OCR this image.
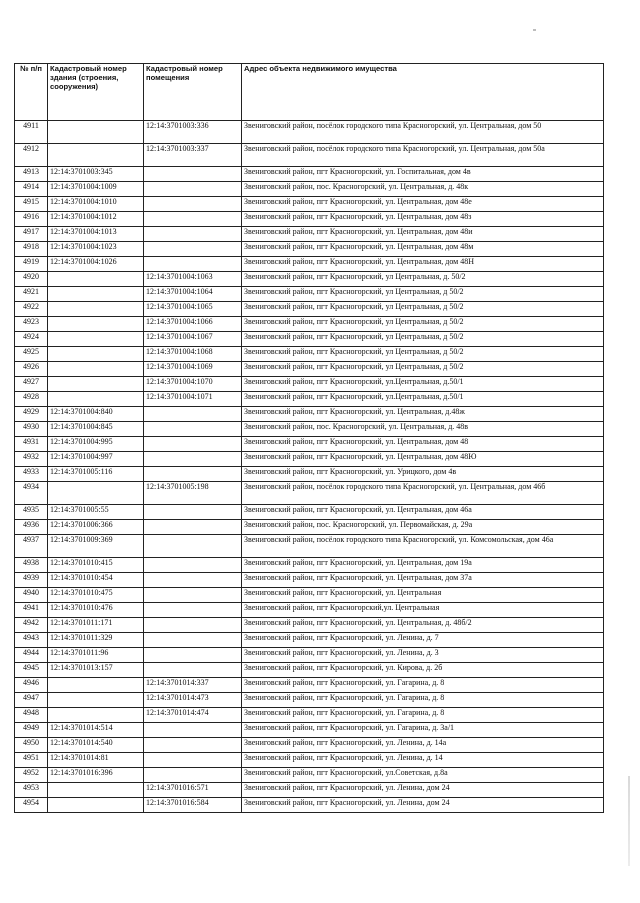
№ п/п	Кадастровый номер здания (строения, сооружения)	Кадастровый номер помещения	Адрес объекта недвижимого имущества
4911		12:14:3701003:336	Звениговский район, посёлок городского типа Красногорский, ул. Центральная, дом 50
4912		12:14:3701003:337	Звениговский район, посёлок городского типа Красногорский, ул. Центральная, дом 50а
4913	12:14:3701003:345		Звениговский район, пгт Красногорский, ул. Госпитальная, дом 4в
4914	12:14:3701004:1009		Звениговский район, пос. Красногорский, ул. Центральная, д. 48к
4915	12:14:3701004:1010		Звениговский район, пгт Красногорский, ул. Центральная, дом 48е
4916	12:14:3701004:1012		Звениговский район, пгт Красногорский, ул. Центральная, дом 48з
4917	12:14:3701004:1013		Звениговский район, пгт Красногорский, ул. Центральная, дом 48и
4918	12:14:3701004:1023		Звениговский район, пгт Красногорский, ул. Центральная, дом 48м
4919	12:14:3701004:1026		Звениговский район, пгт Красногорский, ул. Центральная, дом 48Н
4920		12:14:3701004:1063	Звениговский район, пгт Красногорский, ул Центральная, д. 50/2
4921		12:14:3701004:1064	Звениговский район, пгт Красногорский, ул Центральная, д 50/2
4922		12:14:3701004:1065	Звениговский район, пгт Красногорский, ул Центральная, д 50/2
4923		12:14:3701004:1066	Звениговский район, пгт Красногорский, ул Центральная, д 50/2
4924		12:14:3701004:1067	Звениговский район, пгт Красногорский, ул Центральная, д 50/2
4925		12:14:3701004:1068	Звениговский район, пгт Красногорский, ул Центральная, д 50/2
4926		12:14:3701004:1069	Звениговский район, пгт Красногорский, ул Центральная, д 50/2
4927		12:14:3701004:1070	Звениговский район, пгт Красногорский, ул.Центральная, д.50/1
4928		12:14:3701004:1071	Звениговский район, пгт Красногорский, ул.Центральная, д.50/1
4929	12:14:3701004:840		Звениговский район, пгт Красногорский, ул. Центральная, д.48ж
4930	12:14:3701004:845		Звениговский район, пос. Красногорский, ул. Центральная, д. 48в
4931	12:14:3701004:995		Звениговский район, пгт Красногорский, ул. Центральная, дом 48
4932	12:14:3701004:997		Звениговский район, пгт Красногорский, ул. Центральная, дом 48Ю
4933	12:14:3701005:116		Звениговский район, пгт Красногорский, ул. Урицкого, дом 4в
4934		12:14:3701005:198	Звениговский район, посёлок городского типа Красногорский, ул. Центральная, дом 46б
4935	12:14:3701005:55		Звениговский район, пгт Красногорский, ул. Центральная, дом 46а
4936	12:14:3701006:366		Звениговский район, пос. Красногорский, ул. Первомайская, д. 29а
4937	12:14:3701009:369		Звениговский район, посёлок городского типа Красногорский, ул. Комсомольская, дом 46а
4938	12:14:3701010:415		Звениговский район, пгт Красногорский, ул. Центральная, дом 19а
4939	12:14:3701010:454		Звениговский район, пгт Красногорский, ул. Центральная, дом 37а
4940	12:14:3701010:475		Звениговский район, пгт Красногорский, ул. Центральная
4941	12:14:3701010:476		Звениговский район, пгт Красногорский,ул. Центральная
4942	12:14:3701011:171		Звениговский район, пгт Красногорский, ул. Центральная, д. 48б/2
4943	12:14:3701011:329		Звениговский район, пгт Красногорский, ул. Ленина, д. 7
4944	12:14:3701011:96		Звениговский район, пгт Красногорский, ул. Ленина, д. 3
4945	12:14:3701013:157		Звениговский район, пгт Красногорский, ул. Кирова, д. 2б
4946		12:14:3701014:337	Звениговский район, пгт Красногорский, ул. Гагарина, д. 8
4947		12:14:3701014:473	Звениговский район, пгт Красногорский, ул. Гагарина, д. 8
4948		12:14:3701014:474	Звениговский район, пгт Красногорский, ул. Гагарина, д. 8
4949	12:14:3701014:514		Звениговский район, пгт Красногорский, ул. Гагарина, д. 3а/1
4950	12:14:3701014:540		Звениговский район, пгт Красногорский, ул. Ленина, д. 14а
4951	12:14:3701014:81		Звениговский район, пгт Красногорский, ул. Ленина, д. 14
4952	12:14:3701016:396		Звениговский район, пгт Красногорский, ул.Советская, д.8а
4953		12:14:3701016:571	Звениговский район, пгт Красногорский, ул. Ленина, дом 24
4954		12:14:3701016:584	Звениговский район, пгт Красногорский, ул. Ленина, дом 24
